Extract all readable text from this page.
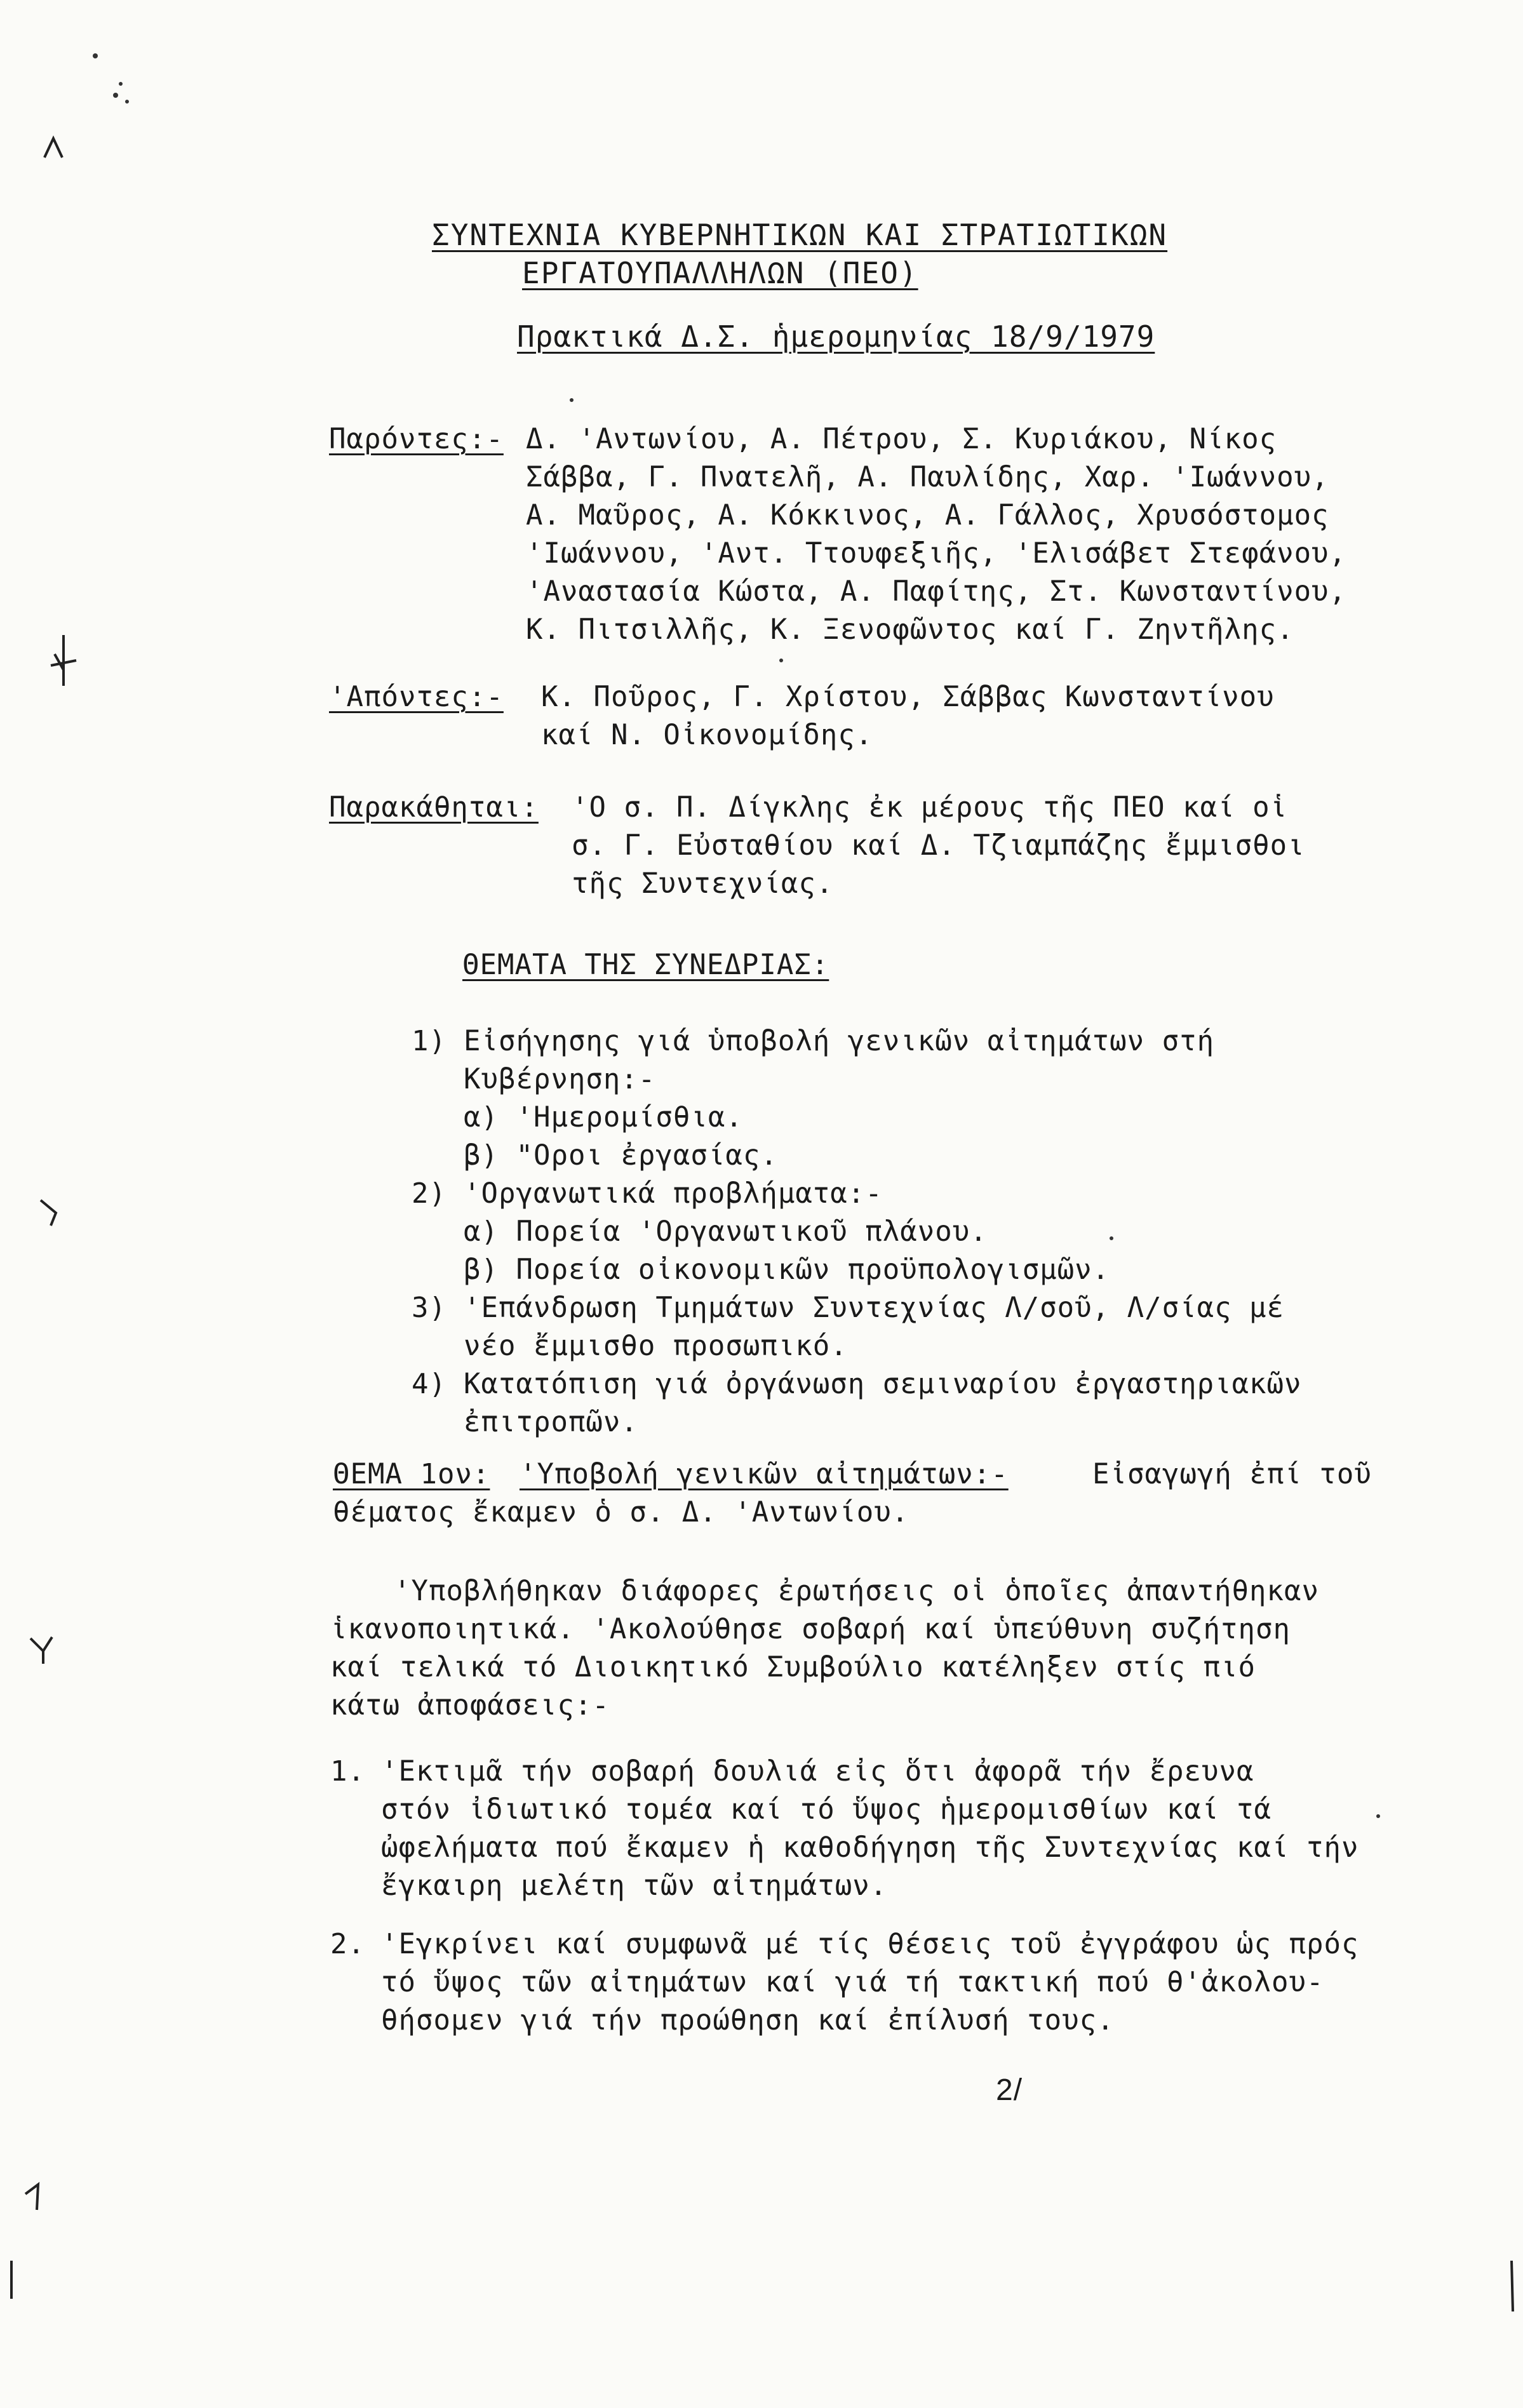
ΣΥΝΤΕΧΝΙΑ ΚΥΒΕΡΝΗΤΙΚΩΝ ΚΑΙ ΣΤΡΑΤΙΩΤΙΚΩΝ
ΕΡΓΑΤΟΥΠΑΛΛΗΛΩΝ (ΠΕΟ)
Πρακτικά Δ.Σ. ἡμερομηνίας 18/9/1979
Παρόντες:- Δ. 'Αντωνίου, Α. Πέτρου, Σ. Κυριάκου, Νίκος
Σάββα, Γ. Πνατελῆ, Α. Παυλίδης, Χαρ. 'Ιωάννου,
Α. Μαῦρος, Α. Κόκκινος, Α. Γάλλος, Χρυσόστομος
'Ιωάννου, 'Αντ. Ττουφεξιῆς, 'Ελισάβετ Στεφάνου,
'Αναστασία Κώστα, Α. Παφίτης, Στ. Κωνσταντίνου,
Κ. Πιτσιλλῆς, Κ. Ξενοφῶντος καί Γ. Ζηντῆλης.
'Απόντες:- Κ. Ποῦρος, Γ. Χρίστου, Σάββας Κωνσταντίνου
καί Ν. Οἰκονομίδης.
Παρακάθηται: 'Ο σ. Π. Δίγκλης ἐκ μέρους τῆς ΠΕΟ καί οἱ
σ. Γ. Εὐσταθίου καί Δ. Τζιαμπάζης ἔμμισθοι
τῆς Συντεχνίας.
ΘΕΜΑΤΑ ΤΗΣ ΣΥΝΕΔΡΙΑΣ:
1) Εἰσήγησης γιά ὑποβολή γενικῶν αἰτημάτων στή
Κυβέρνηση:-
α) 'Ημερομίσθια.
β) "Οροι ἐργασίας.
2) 'Οργανωτικά προβλήματα:-
α) Πορεία 'Οργανωτικοῦ πλάνου.
β) Πορεία οἰκονομικῶν προϋπολογισμῶν.
3) 'Επάνδρωση Τμημάτων Συντεχνίας Λ/σοῦ, Λ/σίας μέ
νέο ἔμμισθο προσωπικό.
4) Κατατόπιση γιά ὀργάνωση σεμιναρίου ἐργαστηριακῶν
ἐπιτροπῶν.
ΘΕΜΑ 1ον: 'Υποβολή γενικῶν αἰτημάτων:-	Εἰσαγωγή ἐπί τοῦ
θέματος ἔκαμεν ὁ σ. Δ. 'Αντωνίου.
'Υποβλήθηκαν διάφορες ἐρωτήσεις οἱ ὁποῖες ἀπαντήθηκαν
ἱκανοποιητικά. 'Ακολούθησε σοβαρή καί ὑπεύθυνη συζήτηση
καί τελικά τό Διοικητικό Συμβούλιο κατέληξεν στίς πιό
κάτω ἀποφάσεις:-
1. 'Εκτιμᾶ τήν σοβαρή δουλιά εἰς ὅτι ἀφορᾶ τήν ἔρευνα
στόν ἰδιωτικό τομέα καί τό ὕψος ἡμερομισθίων καί τά
ὠφελήματα πού ἔκαμεν ἡ καθοδήγηση τῆς Συντεχνίας καί τήν
ἔγκαιρη μελέτη τῶν αἰτημάτων.
2. 'Εγκρίνει καί συμφωνᾶ μέ τίς θέσεις τοῦ ἐγγράφου ὡς πρός
τό ὕψος τῶν αἰτημάτων καί γιά τή τακτική πού θ'ἀκολου-
θήσομεν γιά τήν προώθηση καί ἐπίλυσή τους.
2/
